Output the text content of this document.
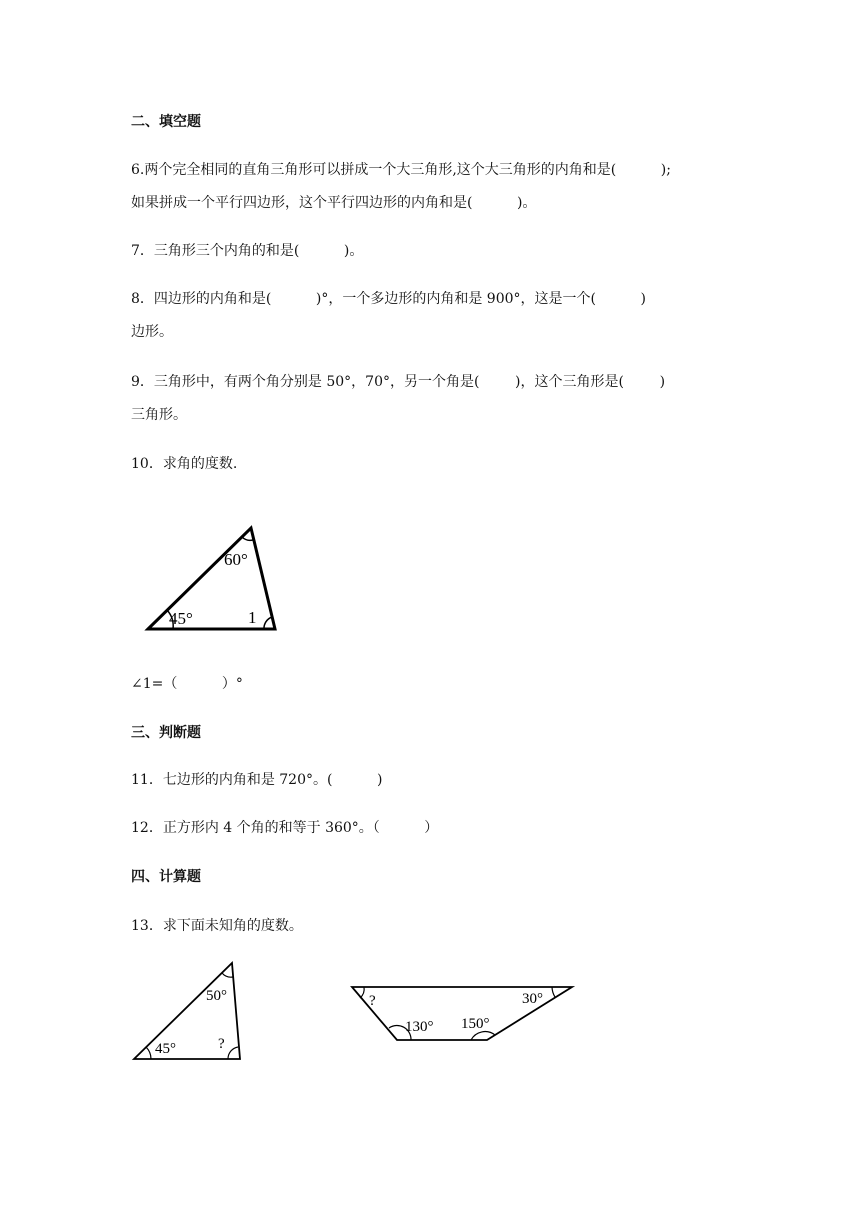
二、填空题
6.两个完全相同的直角三角形可以拼成一个大三角形,这个大三角形的内角和是(          );
如果拼成一个平行四边形，这个平行四边形的内角和是(          )。
7．三角形三个内角的和是(          )。
8．四边形的内角和是(          )°，一个多边形的内角和是 900°，这是一个(          )
边形。
9．三角形中，有两个角分别是 50°，70°，另一个角是(        )，这个三角形是(        )
三角形。
10．求角的度数.
60°
45°	1
∠1=（          ）°
三、判断题
11．七边形的内角和是 720°。(          )
12．正方形内 4 个角的和等于 360°。（          ）
四、计算题
13．求下面未知角的度数。
50°
45°	?
?
130° 150°
30°
